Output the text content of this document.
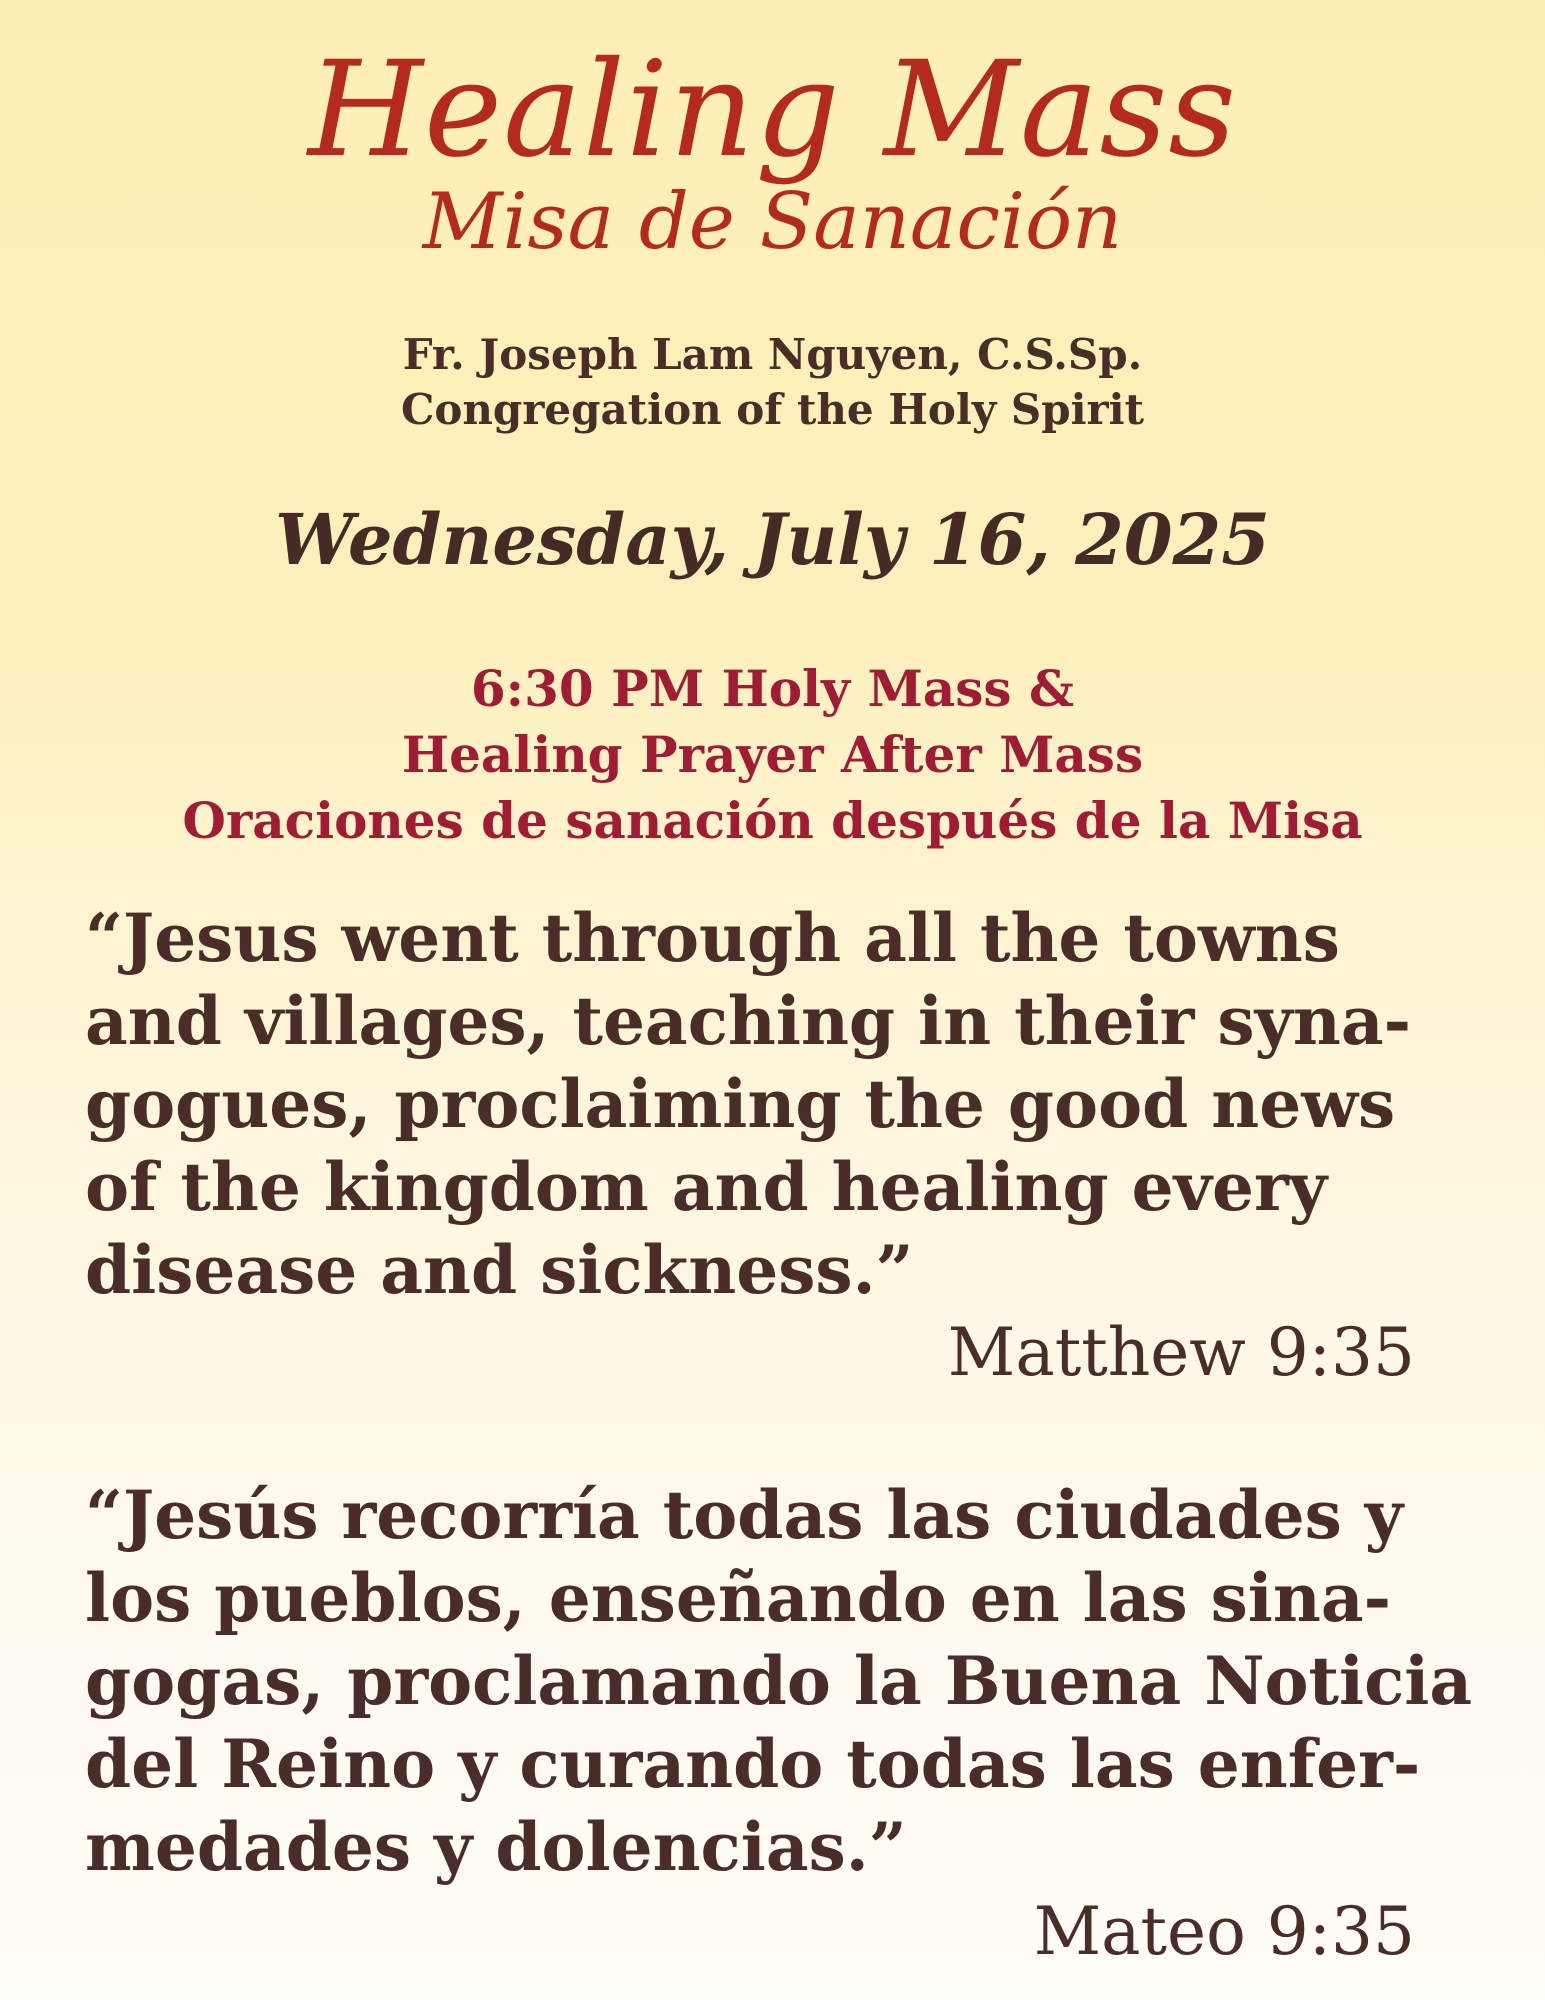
Healing Mass
Misa de Sanación
Fr. Joseph Lam Nguyen, C.S.Sp.
Congregation of the Holy Spirit
Wednesday, July 16, 2025
6:30 PM Holy Mass &
Healing Prayer After Mass
Oraciones de sanación después de la Misa
“Jesus went through all the towns
and villages, teaching in their syna-
gogues, proclaiming the good news
of the kingdom and healing every
disease and sickness.”
Matthew 9:35
“Jesús recorría todas las ciudades y
los pueblos, enseñando en las sina-
gogas, proclamando la Buena Noticia
del Reino y curando todas las enfer-
medades y dolencias.”
Mateo 9:35
